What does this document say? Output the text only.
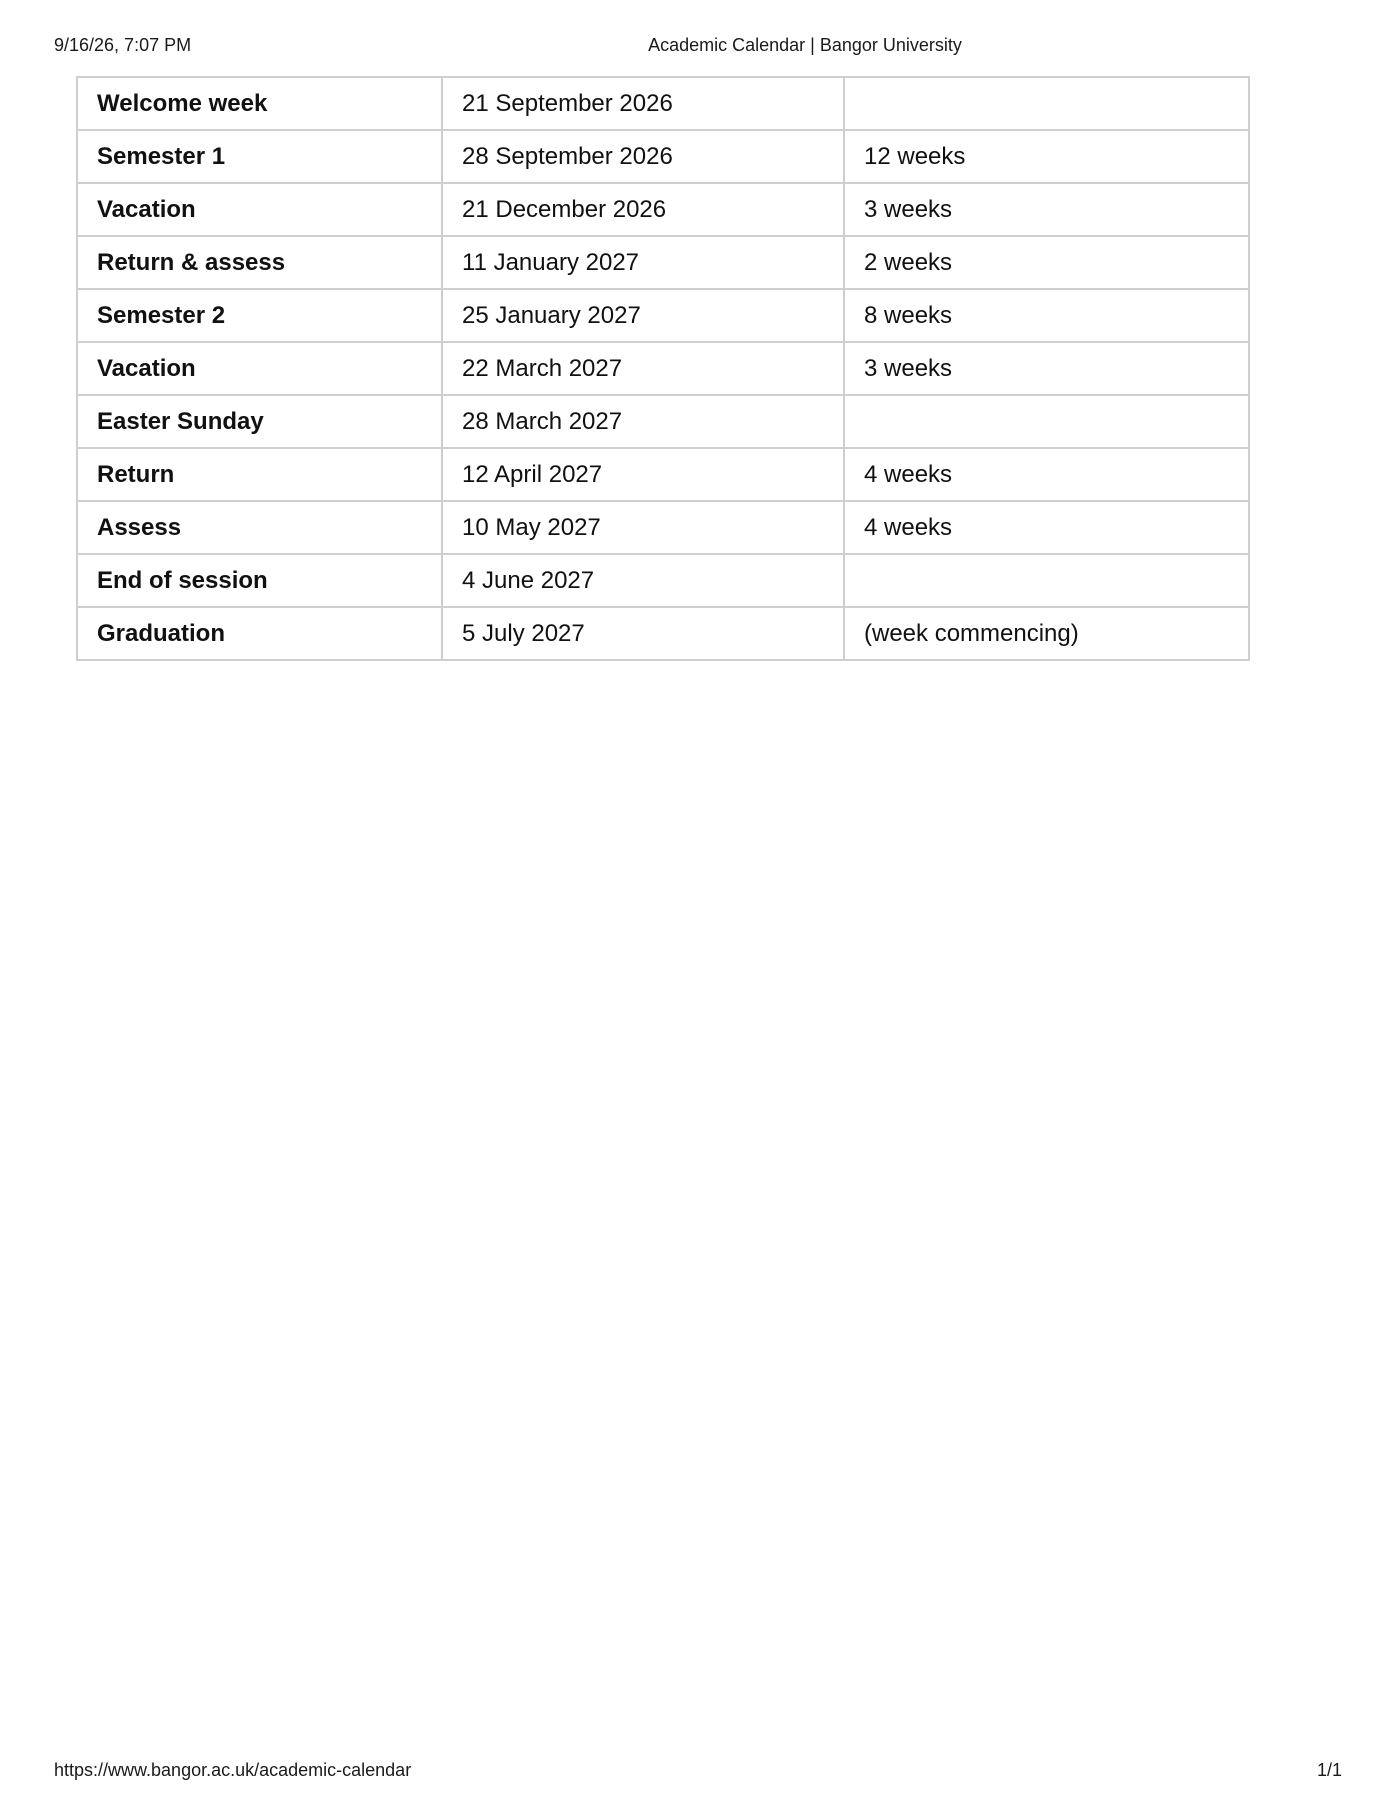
9/16/26, 7:07 PM	Academic Calendar | Bangor University
Welcome week	21 September 2026	
Semester 1	28 September 2026	12 weeks
Vacation	21 December 2026	3 weeks
Return & assess	11 January 2027	2 weeks
Semester 2	25 January 2027	8 weeks
Vacation	22 March 2027	3 weeks
Easter Sunday	28 March 2027	
Return	12 April 2027	4 weeks
Assess	10 May 2027	4 weeks
End of session	4 June 2027	
Graduation	5 July 2027	(week commencing)
https://www.bangor.ac.uk/academic-calendar	1/1
